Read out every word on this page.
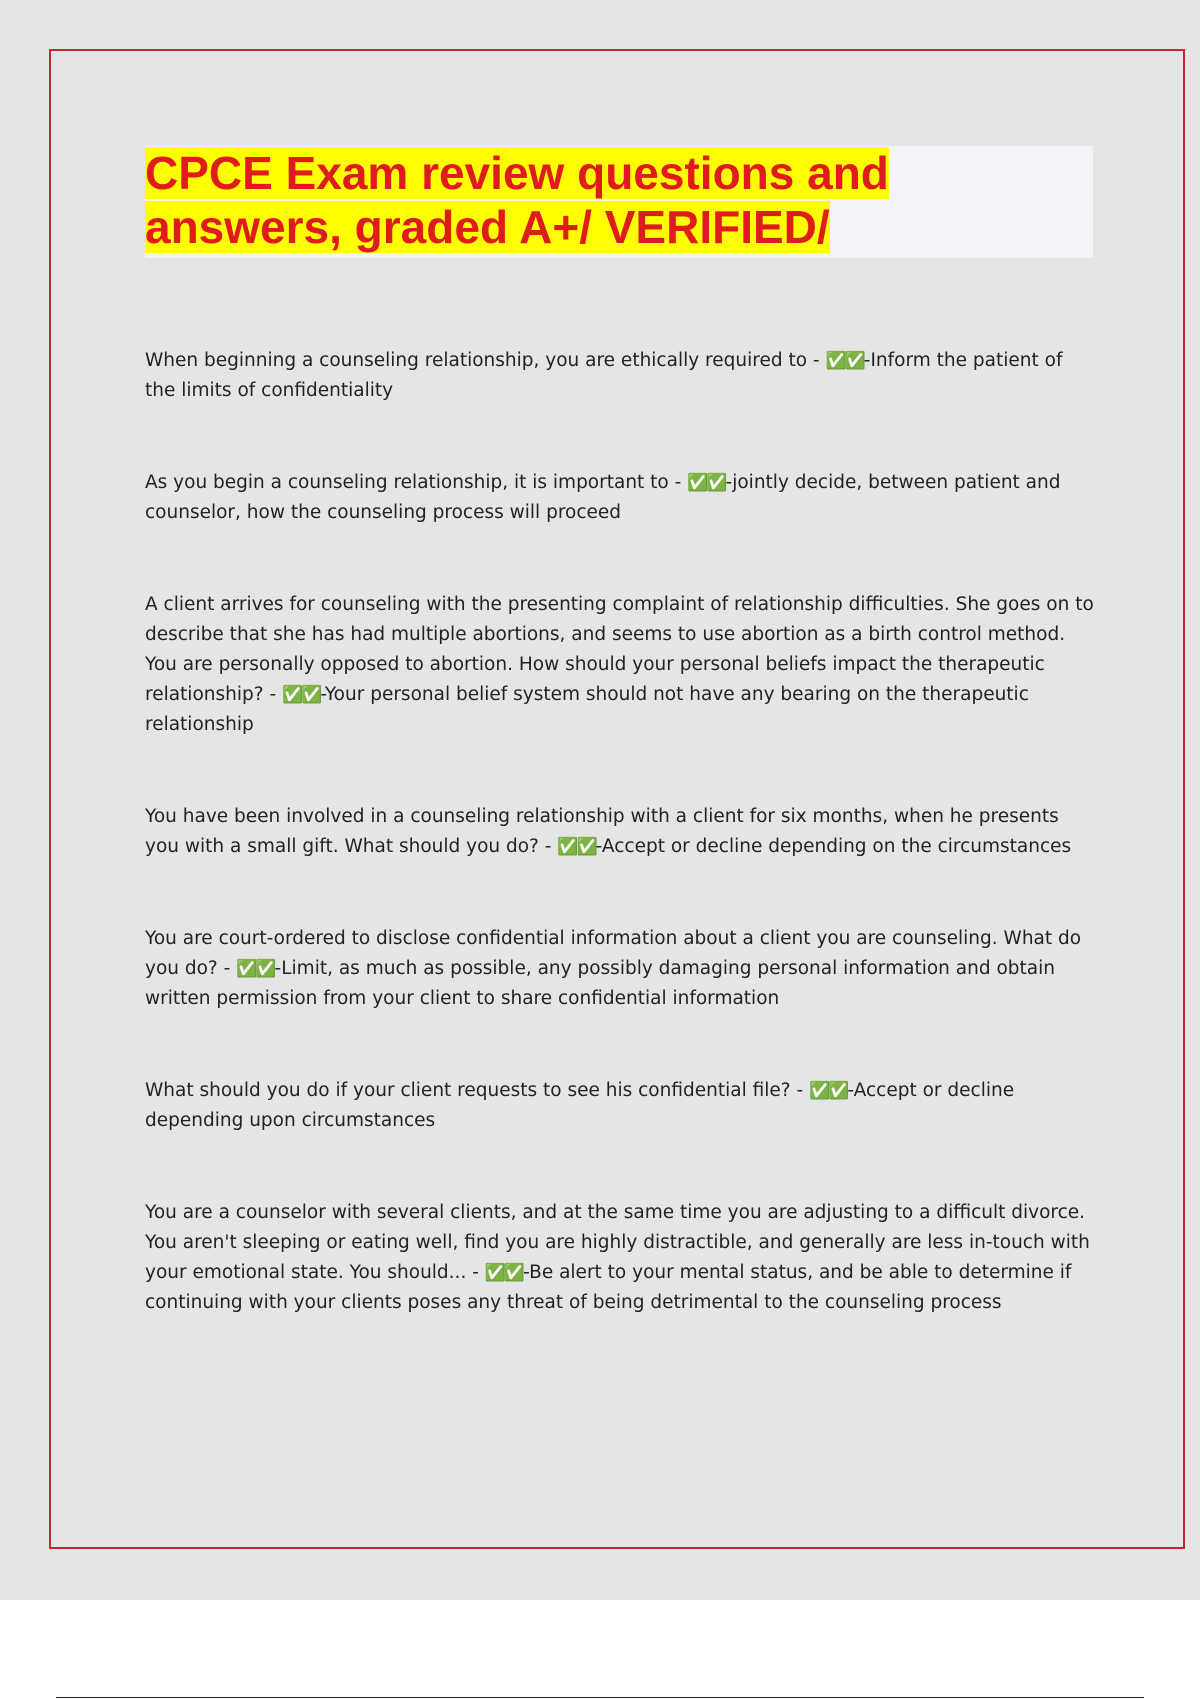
CPCE Exam review questions and
answers, graded A+/ VERIFIED/

When beginning a counseling relationship, you are ethically required to - ✅✅-Inform the patient of the limits of confidentiality

As you begin a counseling relationship, it is important to - ✅✅-jointly decide, between patient and counselor, how the counseling process will proceed

A client arrives for counseling with the presenting complaint of relationship difficulties. She goes on to describe that she has had multiple abortions, and seems to use abortion as a birth control method. You are personally opposed to abortion. How should your personal beliefs impact the therapeutic relationship? - ✅✅-Your personal belief system should not have any bearing on the therapeutic relationship

You have been involved in a counseling relationship with a client for six months, when he presents you with a small gift. What should you do? - ✅✅-Accept or decline depending on the circumstances

You are court-ordered to disclose confidential information about a client you are counseling. What do you do? - ✅✅-Limit, as much as possible, any possibly damaging personal information and obtain written permission from your client to share confidential information

What should you do if your client requests to see his confidential file? - ✅✅-Accept or decline depending upon circumstances

You are a counselor with several clients, and at the same time you are adjusting to a difficult divorce. You aren't sleeping or eating well, find you are highly distractible, and generally are less in-touch with your emotional state. You should... - ✅✅-Be alert to your mental status, and be able to determine if continuing with your clients poses any threat of being detrimental to the counseling process
